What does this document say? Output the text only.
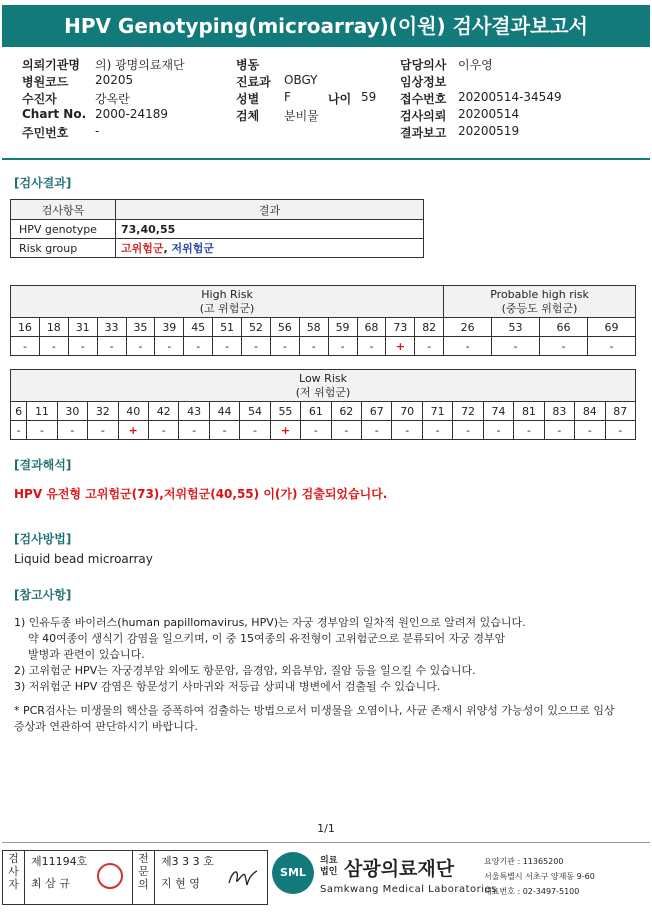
HPV Genotyping(microarray)(이원) 검사결과보고서
의뢰기관명 의) 광명의료재단	병동	담당의사 이우영
병원코드 20205	진료과 OBGY	임상정보
수진자	강옥란	성별 F	나이 59 접수번호 20200514-34549
Chart No. 2000-24189	검체 분비물	검사의뢰 20200514
주민번호 -	결과보고 20200519
[검사결과]
검사항목	결과
HPV genotype	73,40,55
Risk group	고위험군, 저위험군
High Risk
(고 위험군)															Probable high risk
(중등도 위험군)			
16	18	31	33	35	39	45	51	52	56	58	59	68	73	82	26	53	66	69
-	-	-	-	-	-	-	-	-	-	-	-	-	+	-	-	-	-	-
Low Risk
(저 위험군)																				
6	11	30	32	40	42	43	44	54	55	61	62	67	70	71	72	74	81	83	84	87
-	-	-	-	+	-	-	-	-	+	-	-	-	-	-	-	-	-	-	-	-
[결과해석]
HPV 유전형 고위험군(73),저위험군(40,55) 이(가) 검출되었습니다.
[검사방법]
Liquid bead microarray
[참고사항]
1) 인유두종 바이러스(human papillomavirus, HPV)는 자궁 경부암의 일차적 원인으로 알려져 있습니다.
약 40여종이 생식기 감염을 일으키며, 이 중 15여종의 유전형이 고위험군으로 분류되어 자궁 경부암
발병과 관련이 있습니다.
2) 고위험군 HPV는 자궁경부암 외에도 항문암, 음경암, 외음부암, 질암 등을 일으킬 수 있습니다.
3) 저위험군 HPV 감염은 항문성기 사마귀와 저등급 상피내 병변에서 검출될 수 있습니다.
* PCR검사는 미생물의 핵산을 증폭하여 검출하는 방법으로서 미생물을 오염이나, 사균 존재시 위양성 가능성이 있으므로 임상
증상과 연관하여 판단하시기 바랍니다.
1/1
검
사
자
제11194호
최 삼 규
전
문
의
제3 3 3 호
지 현 영
SML
의료법인 삼광의료재단
Samkwang Medical Laboratories
요양기관 : 11365200
서울특별시 서초구 양재동 9-60
대표번호 : 02-3497-5100
